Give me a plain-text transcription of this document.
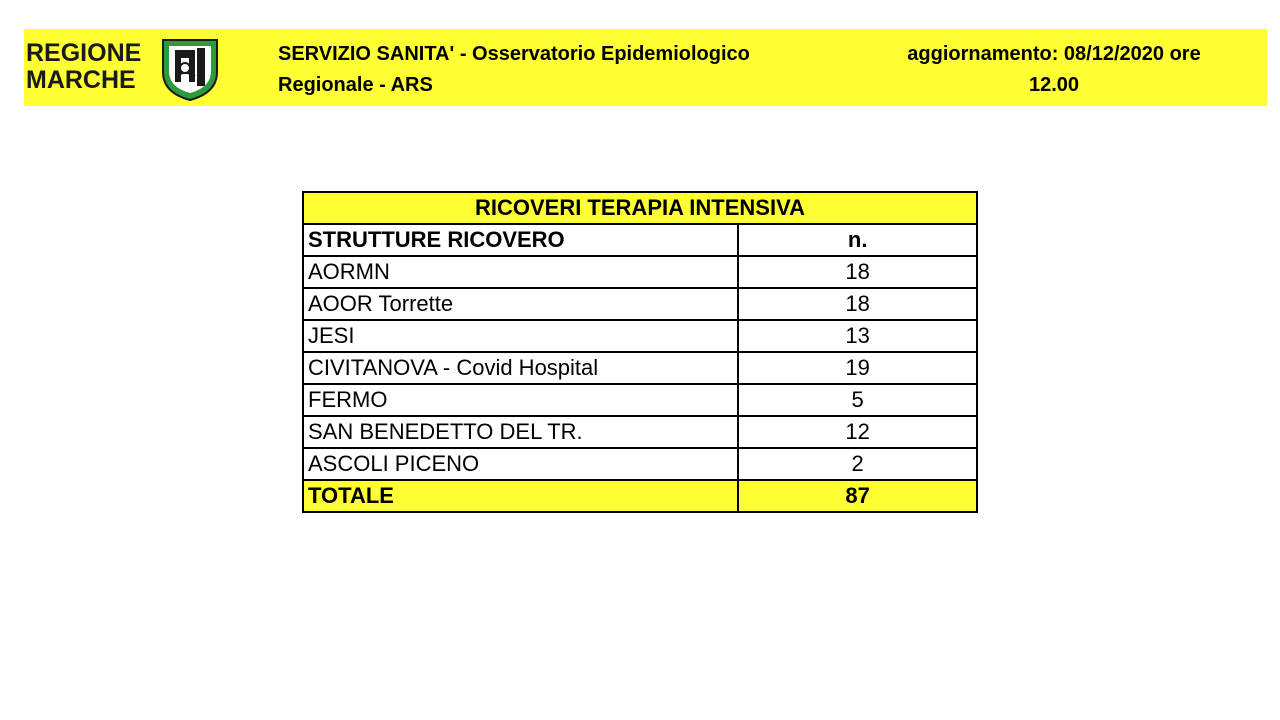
REGIONE
MARCHE
SERVIZIO SANITA' - Osservatorio Epidemiologico
Regionale - ARS
aggiornamento: 08/12/2020 ore
12.00
RICOVERI TERAPIA INTENSIVA	
STRUTTURE RICOVERO	n.
AORMN	18
AOOR Torrette	18
JESI	13
CIVITANOVA - Covid Hospital	19
FERMO	5
SAN BENEDETTO DEL TR.	12
ASCOLI PICENO	2
TOTALE	87
